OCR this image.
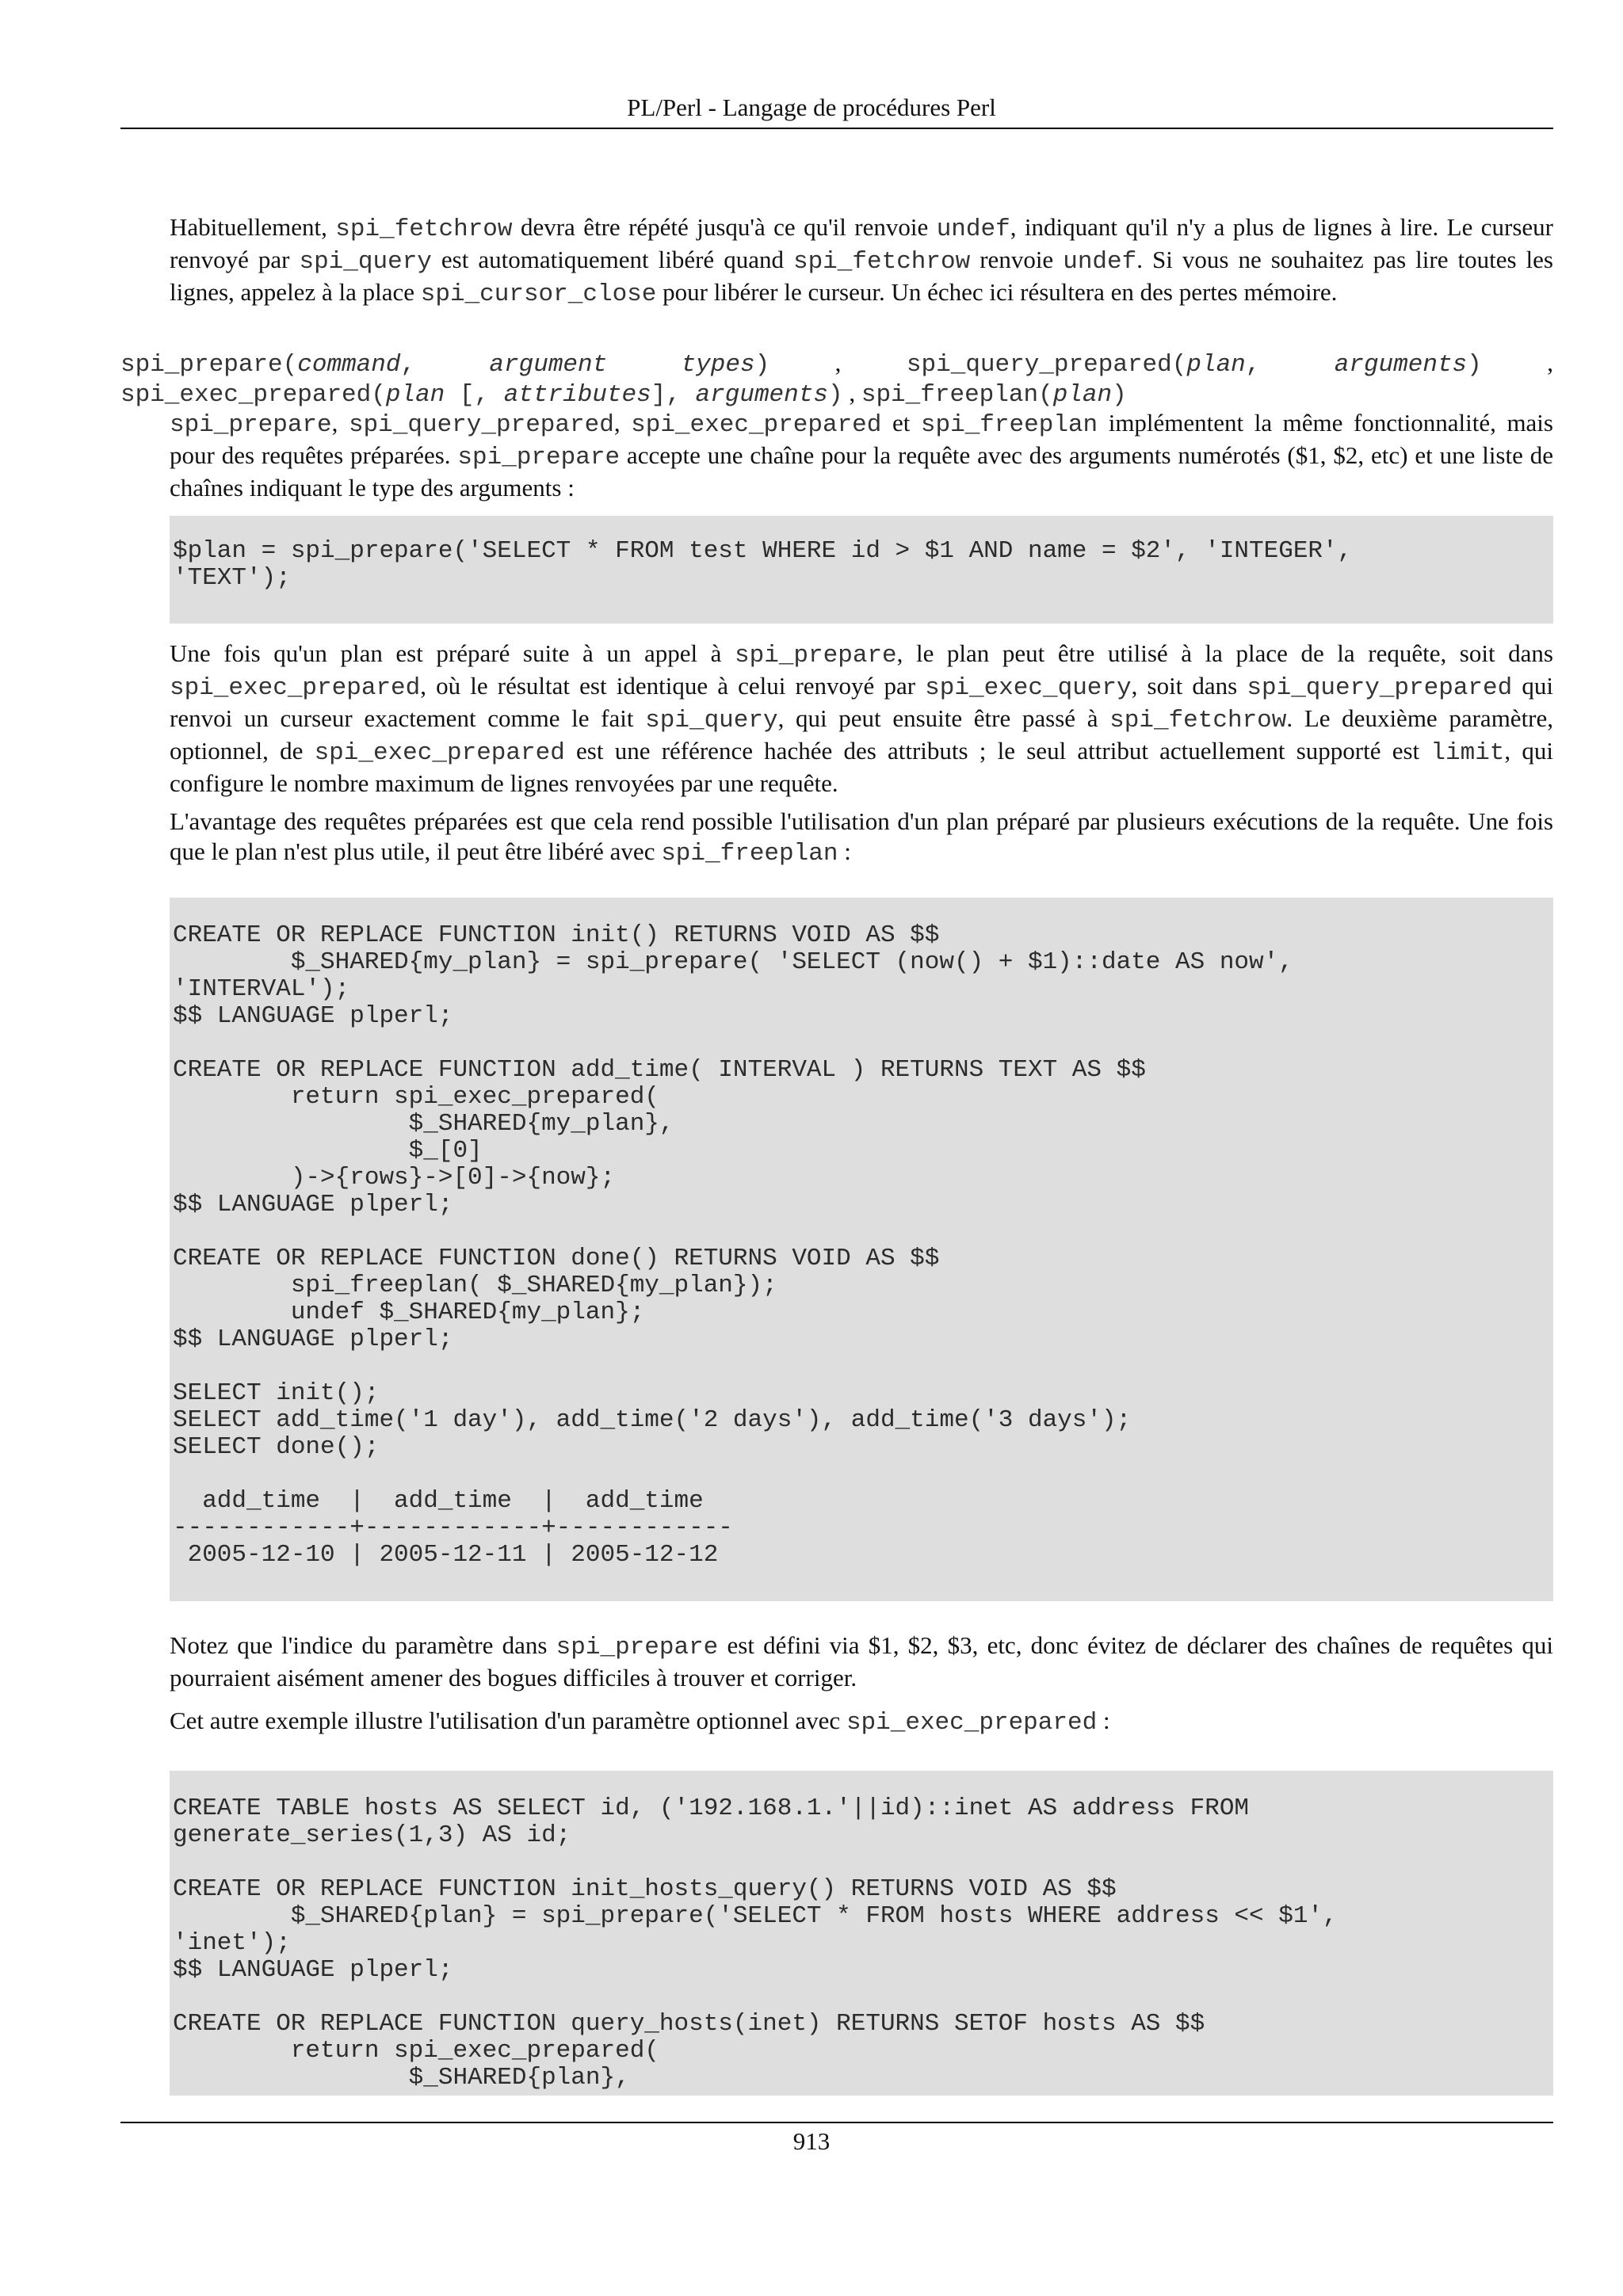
PL/Perl - Langage de procédures Perl

Habituellement, spi_fetchrow devra être répété jusqu'à ce qu'il renvoie undef, indiquant qu'il n'y a plus de lignes à lire. Le curseur renvoyé par spi_query est automatiquement libéré quand spi_fetchrow renvoie undef. Si vous ne souhaitez pas lire toutes les lignes, appelez à la place spi_cursor_close pour libérer le curseur. Un échec ici résultera en des pertes mémoire.

spi_prepare(command, argument types) , spi_query_prepared(plan, arguments) ,
spi_exec_prepared(plan [, attributes], arguments) , spi_freeplan(plan)

spi_prepare, spi_query_prepared, spi_exec_prepared et spi_freeplan implémentent la même fonctionnalité, mais pour des requêtes préparées. spi_prepare accepte une chaîne pour la requête avec des arguments numérotés ($1, $2, etc) et une liste de chaînes indiquant le type des arguments :

$plan = spi_prepare('SELECT * FROM test WHERE id > $1 AND name = $2', 'INTEGER',
'TEXT');

Une fois qu'un plan est préparé suite à un appel à spi_prepare, le plan peut être utilisé à la place de la requête, soit dans spi_exec_prepared, où le résultat est identique à celui renvoyé par spi_exec_query, soit dans spi_query_prepared qui renvoi un curseur exactement comme le fait spi_query, qui peut ensuite être passé à spi_fetchrow. Le deuxième paramètre, optionnel, de spi_exec_prepared est une référence hachée des attributs ; le seul attribut actuellement supporté est limit, qui configure le nombre maximum de lignes renvoyées par une requête.

L'avantage des requêtes préparées est que cela rend possible l'utilisation d'un plan préparé par plusieurs exécutions de la requête. Une fois que le plan n'est plus utile, il peut être libéré avec spi_freeplan :

CREATE OR REPLACE FUNCTION init() RETURNS VOID AS $$
$_SHARED{my_plan} = spi_prepare( 'SELECT (now() + $1)::date AS now',
'INTERVAL');
$$ LANGUAGE plperl;

CREATE OR REPLACE FUNCTION add_time( INTERVAL ) RETURNS TEXT AS $$
return spi_exec_prepared(
$_SHARED{my_plan},
$_[0]
)->{rows}->[0]->{now};
$$ LANGUAGE plperl;

CREATE OR REPLACE FUNCTION done() RETURNS VOID AS $$
spi_freeplan( $_SHARED{my_plan});
undef $_SHARED{my_plan};
$$ LANGUAGE plperl;

SELECT init();
SELECT add_time('1 day'), add_time('2 days'), add_time('3 days');
SELECT done();

add_time  |  add_time  |  add_time
------------+------------+------------
2005-12-10 | 2005-12-11 | 2005-12-12

Notez que l'indice du paramètre dans spi_prepare est défini via $1, $2, $3, etc, donc évitez de déclarer des chaînes de requêtes qui pourraient aisément amener des bogues difficiles à trouver et corriger.

Cet autre exemple illustre l'utilisation d'un paramètre optionnel avec spi_exec_prepared :

CREATE TABLE hosts AS SELECT id, ('192.168.1.'||id)::inet AS address FROM
generate_series(1,3) AS id;

CREATE OR REPLACE FUNCTION init_hosts_query() RETURNS VOID AS $$
$_SHARED{plan} = spi_prepare('SELECT * FROM hosts WHERE address << $1',
'inet');
$$ LANGUAGE plperl;

CREATE OR REPLACE FUNCTION query_hosts(inet) RETURNS SETOF hosts AS $$
return spi_exec_prepared(
$_SHARED{plan},
913
